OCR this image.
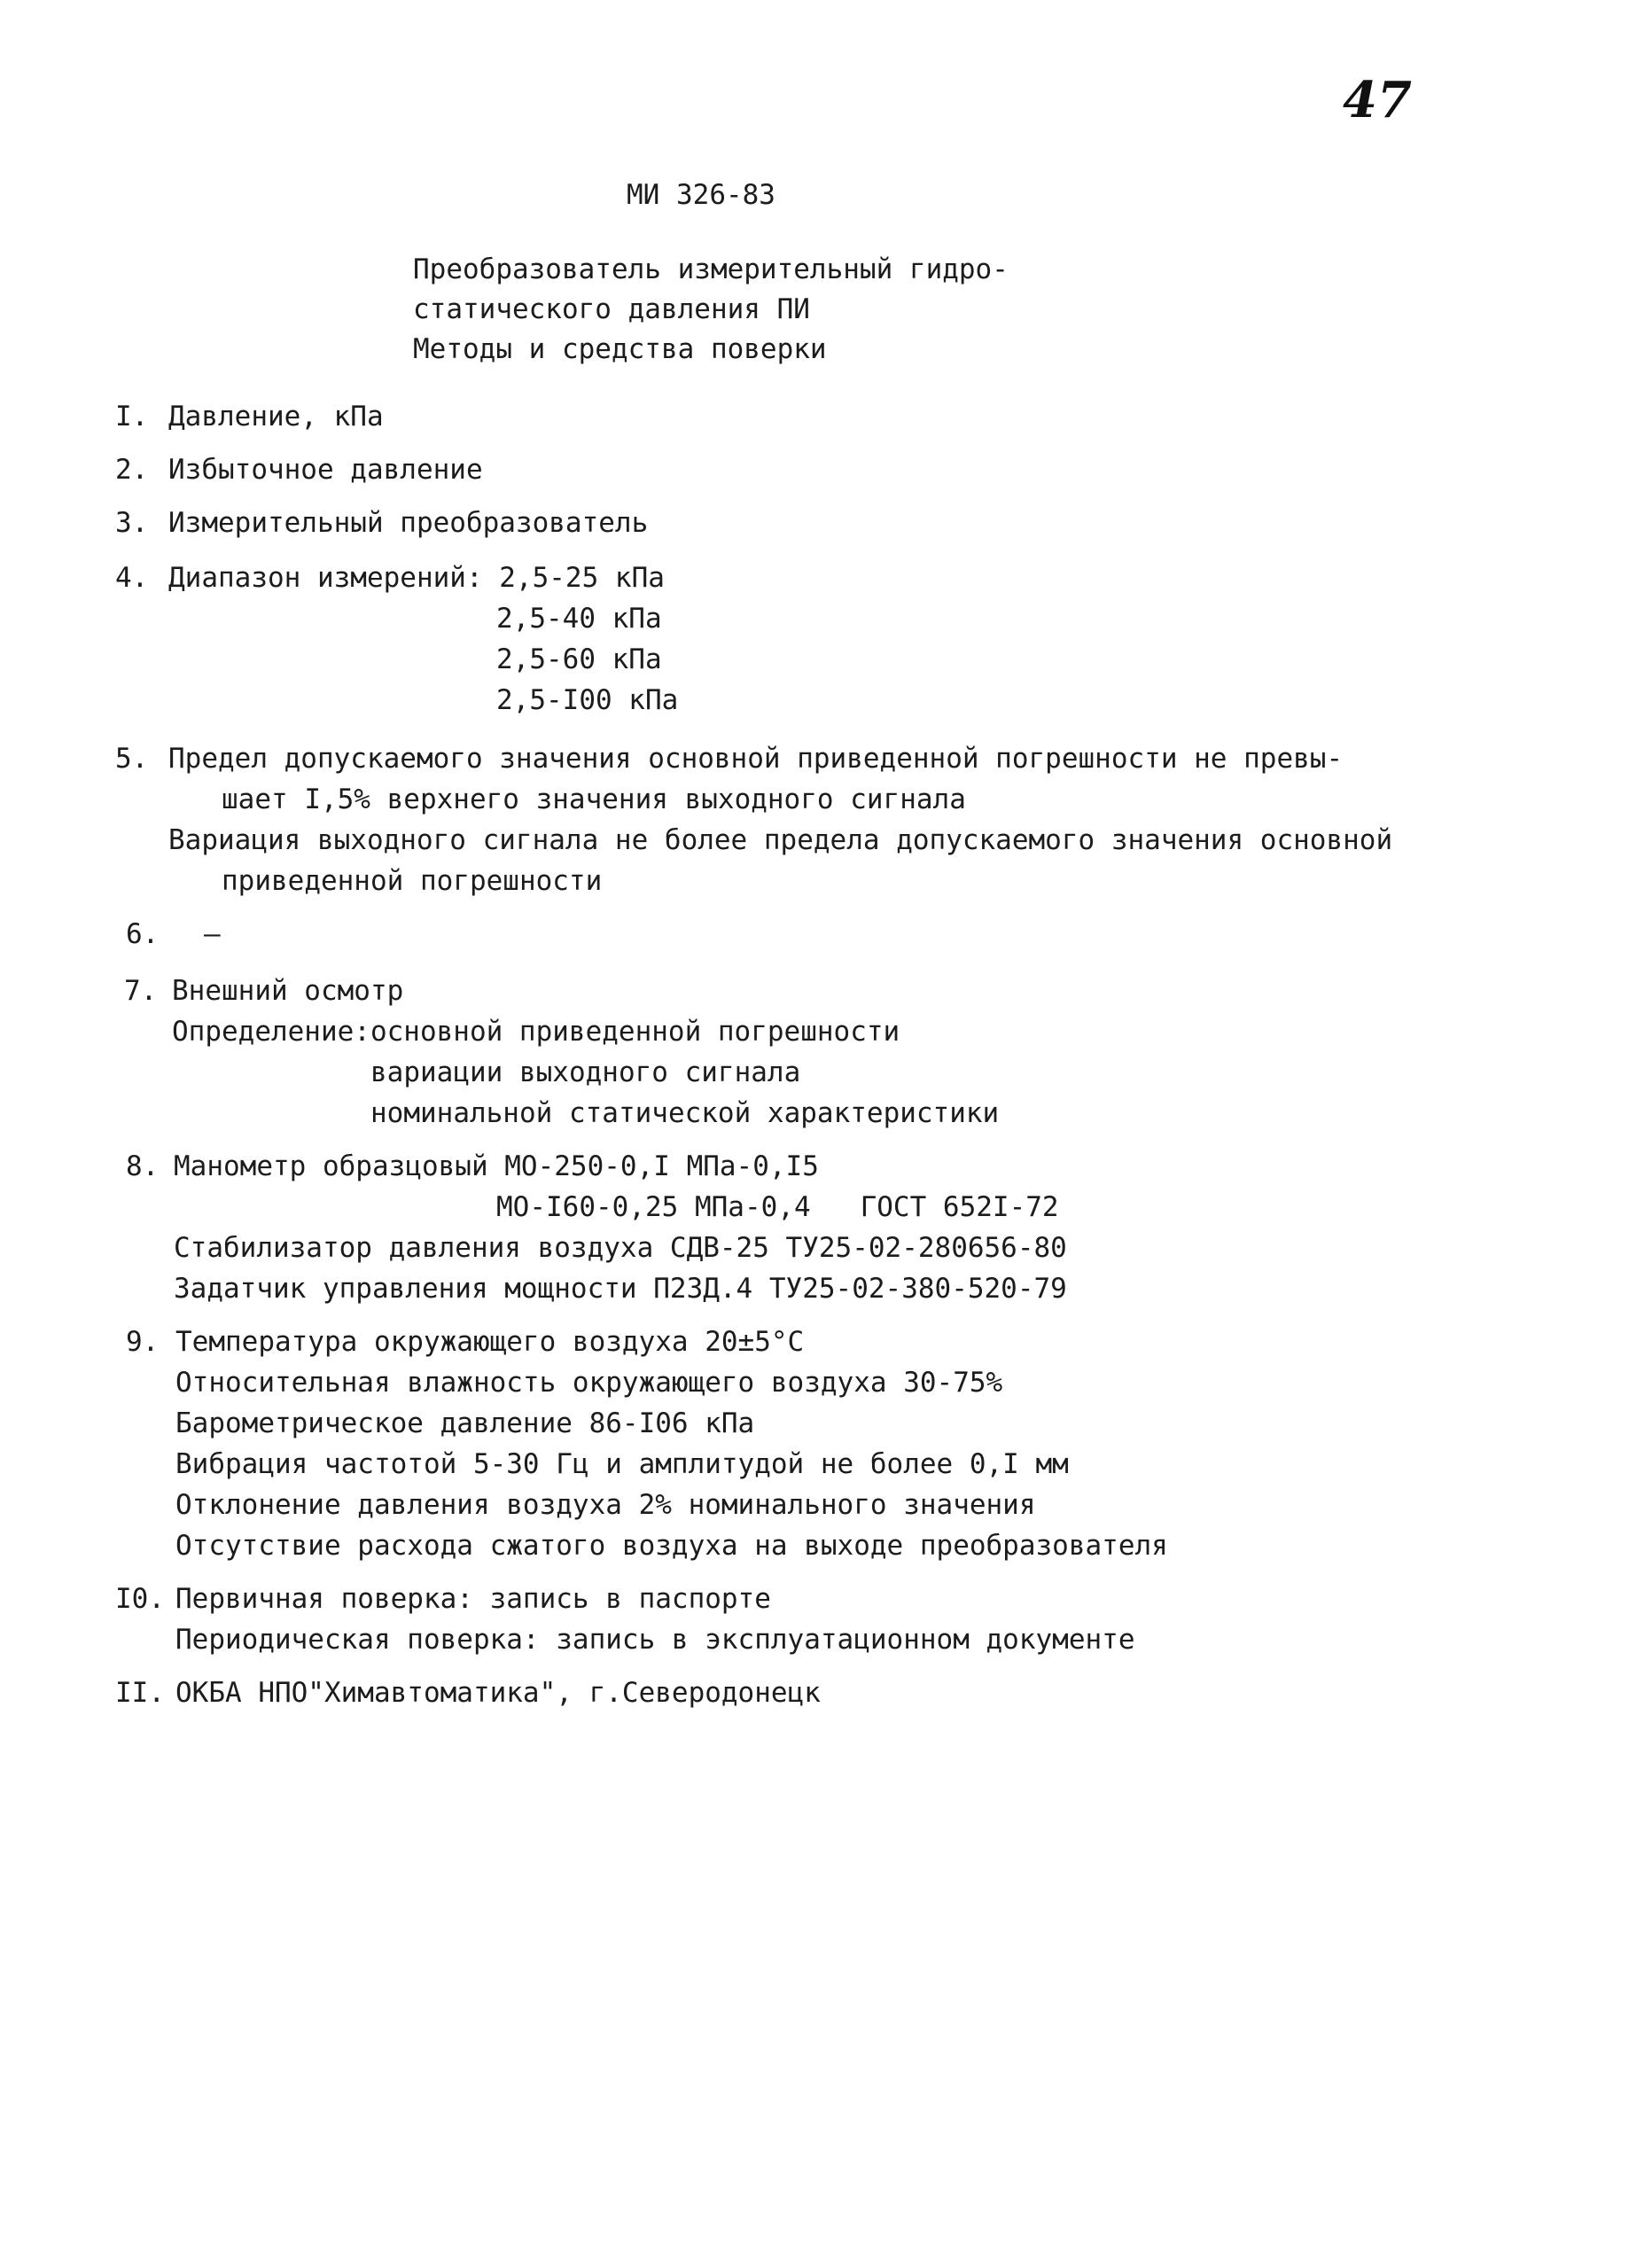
47
МИ 326-83
Преобразователь измерительный гидро-
статического давления ПИ
Методы и средства поверки
I. Давление, кПа
2. Избыточное давление
3. Измерительный преобразователь
4. Диапазон измерений: 2,5-25 кПа
2,5-40 кПа
2,5-60 кПа
2,5-I00 кПа
5. Предел допускаемого значения основной приведенной погрешности не превы-
шает I,5% верхнего значения выходного сигнала
Вариация выходного сигнала не более предела допускаемого значения основной
приведенной погрешности
6. –
7. Внешний осмотр
Определение:основной приведенной погрешности
вариации выходного сигнала
номинальной статической характеристики
8. Манометр образцовый МО-250-0,I МПа-0,I5
МО-I60-0,25 МПа-0,4   ГОСТ 652I-72
Стабилизатор давления воздуха СДВ-25 ТУ25-02-280656-80
Задатчик управления мощности П23Д.4 ТУ25-02-380-520-79
9. Температура окружающего воздуха 20±5°С
Относительная влажность окружающего воздуха 30-75%
Барометрическое давление 86-I06 кПа
Вибрация частотой 5-30 Гц и амплитудой не более 0,I мм
Отклонение давления воздуха 2% номинального значения
Отсутствие расхода сжатого воздуха на выходе преобразователя
I0. Первичная поверка: запись в паспорте
Периодическая поверка: запись в эксплуатационном документе
II. ОКБА НПО"Химавтоматика", г.Северодонецк
